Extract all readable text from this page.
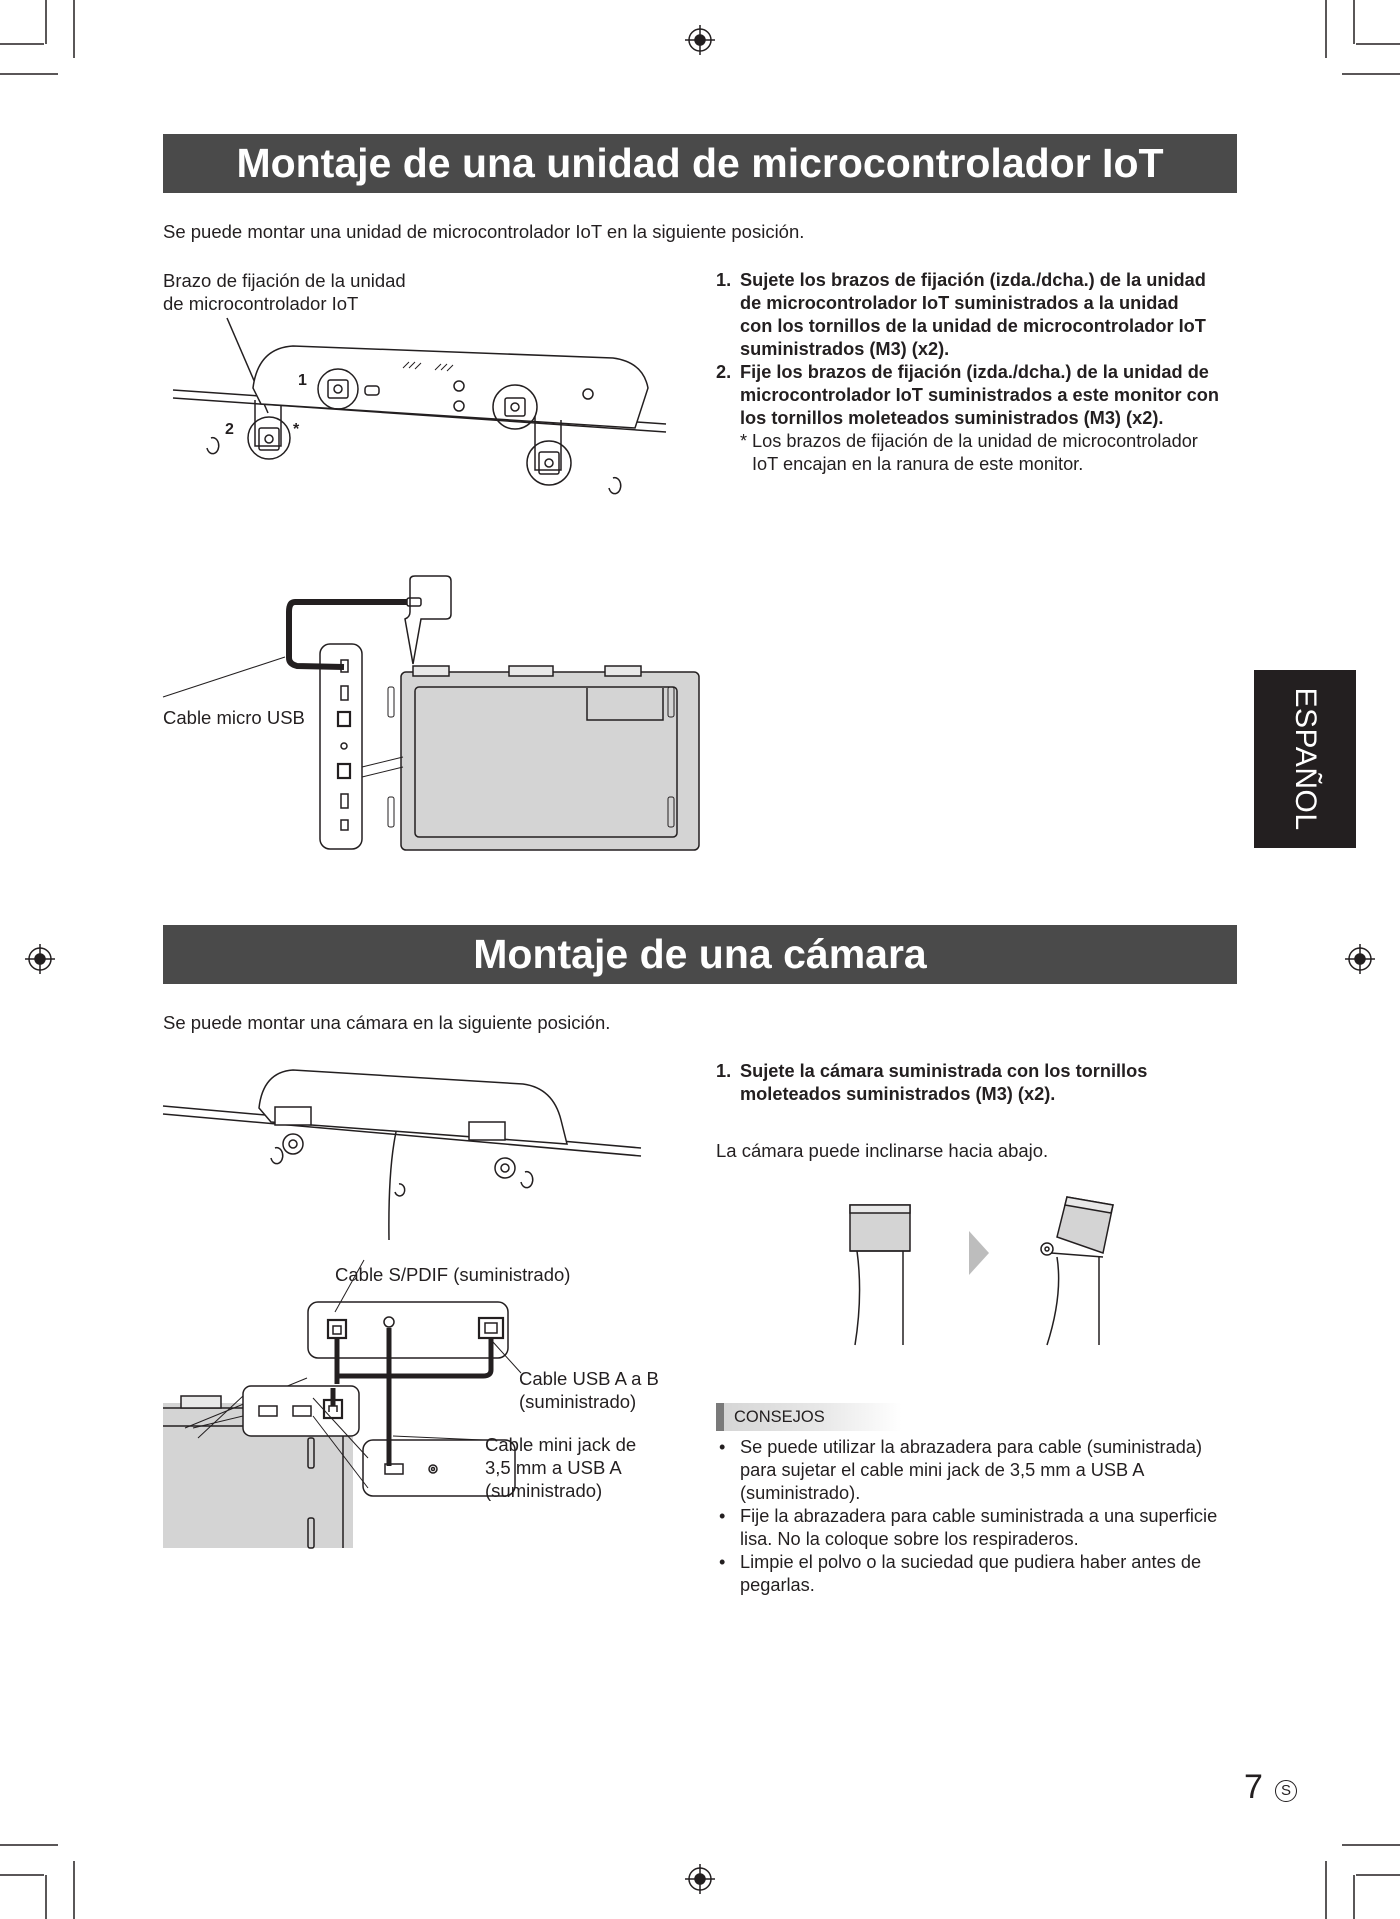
Montaje de una unidad de microcontrolador IoT
Se puede montar una unidad de microcontrolador IoT en la siguiente posición.
Brazo de fijación de la unidad
de microcontrolador IoT
1
2	*
1. Sujete los brazos de fijación (izda./dcha.) de la unidad
de microcontrolador IoT suministrados a la unidad
con los tornillos de la unidad de microcontrolador IoT
suministrados (M3) (x2).
2. Fije los brazos de fijación (izda./dcha.) de la unidad de
microcontrolador IoT suministrados a este monitor con
los tornillos moleteados suministrados (M3) (x2).
* Los brazos de fijación de la unidad de microcontrolador
IoT encajan en la ranura de este monitor.
Cable micro USB	ESPAÑOL
Montaje de una cámara
Se puede montar una cámara en la siguiente posición.
Cable S/PDIF (suministrado)
Cable USB A a B
(suministrado)
Cable mini jack de
3,5 mm a USB A
(suministrado)
1. Sujete la cámara suministrada con los tornillos
moleteados suministrados (M3) (x2).
La cámara puede inclinarse hacia abajo.
CONSEJOS
• Se puede utilizar la abrazadera para cable (suministrada)
para sujetar el cable mini jack de 3,5 mm a USB A
(suministrado).
• Fije la abrazadera para cable suministrada a una superficie
lisa. No la coloque sobre los respiraderos.
• Limpie el polvo o la suciedad que pudiera haber antes de
pegarlas.
7	S
